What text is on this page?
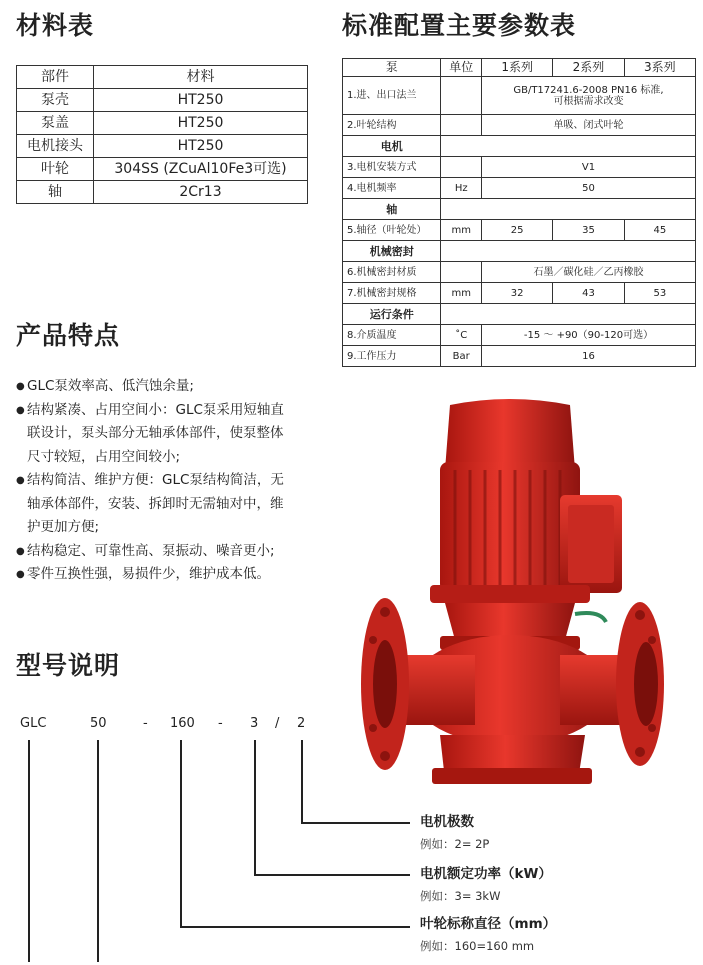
材料表
部件	材料
泵壳	HT250
泵盖	HT250
电机接头	HT250
叶轮	304SS (ZCuAl10Fe3可选)
轴	2Cr13
标准配置主要参数表
泵	单位	1系列	2系列	3系列
1.进、出口法兰		GB/T17241.6-2008 PN16 标准,
可根据需求改变		

2.叶轮结构		单吸、闭式叶轮		
电机				
3.电机安装方式		V1		
4.电机频率	Hz	50		
轴				
5.轴径（叶轮处）	mm	25	35	45
机械密封				
6.机械密封材质		石墨／碳化硅／乙丙橡胶		
7.机械密封规格	mm	32	43	53
运行条件				
8.介质温度	˚C	-15 ～ +90（90-120可选）		
9.工作压力	Bar	16		
产品特点
● GLC泵效率高、低汽蚀余量;
● 结构紧凑、占用空间小：GLC泵采用短轴直
联设计，泵头部分无轴承体部件，使泵整体
尺寸较短，占用空间较小;
● 结构简洁、维护方便：GLC泵结构简洁，无
轴承体部件，安装、拆卸时无需轴对中，维
护更加方便;
● 结构稳定、可靠性高、泵振动、噪音更小;
● 零件互换性强，易损件少，维护成本低。
型号说明
GLC	50	- 160 - 3 / 2
电机极数
例如：2= 2P
电机额定功率（kW）
例如：3= 3kW
叶轮标称直径（mm）
例如：160=160 mm
